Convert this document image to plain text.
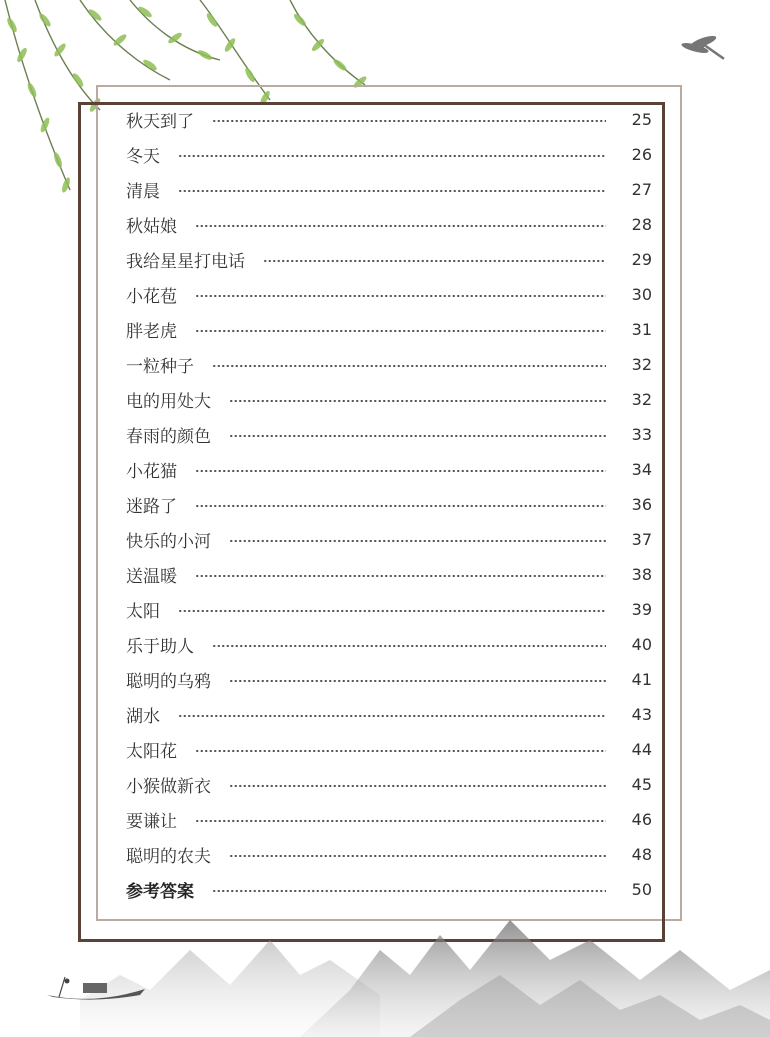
秋天到了	25
冬天	26
清晨	27
秋姑娘	28
我给星星打电话	29
小花苞	30
胖老虎	31
一粒种子	32
电的用处大	32
春雨的颜色	33
小花猫	34
迷路了	36
快乐的小河	37
送温暖	38
太阳	39
乐于助人	40
聪明的乌鸦	41
湖水	43
太阳花	44
小猴做新衣	45
要谦让	46
聪明的农夫	48
参考答案	50
